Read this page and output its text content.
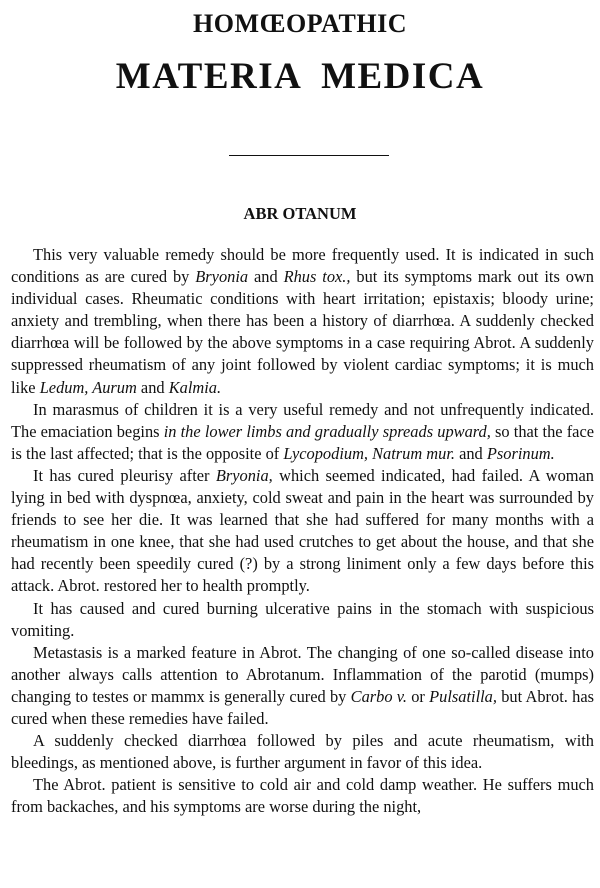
HOMŒOPATHIC
MATERIA MEDICA
ABR OTANUM

This very valuable remedy should be more frequently used. It is indicated in such conditions as are cured by Bryonia and Rhus tox., but its symptoms mark out its own individual cases. Rheumatic conditions with heart irritation; epistaxis; bloody urine; anxiety and trembling, when there has been a history of diarrhœa. A suddenly checked diarrhœa will be followed by the above symptoms in a case requiring Abrot. A suddenly suppressed rheumatism of any joint followed by violent cardiac symptoms; it is much like Ledum, Aurum and Kalmia.

In marasmus of children it is a very useful remedy and not unfrequently indicated. The emaciation begins in the lower limbs and gradually spreads upward, so that the face is the last affected; that is the opposite of Lycopodium, Natrum mur. and Psorinum.

It has cured pleurisy after Bryonia, which seemed indicated, had failed. A woman lying in bed with dyspnœa, anxiety, cold sweat and pain in the heart was surrounded by friends to see her die. It was learned that she had suffered for many months with a rheumatism in one knee, that she had used crutches to get about the house, and that she had recently been speedily cured (?) by a strong liniment only a few days before this attack. Abrot. restored her to health promptly.

It has caused and cured burning ulcerative pains in the stomach with suspicious vomiting.

Metastasis is a marked feature in Abrot. The changing of one so-called disease into another always calls attention to Abrotanum. Inflammation of the parotid (mumps) changing to testes or mammx is generally cured by Carbo v. or Pulsatilla, but Abrot. has cured when these remedies have failed.

A suddenly checked diarrhœa followed by piles and acute rheumatism, with bleedings, as mentioned above, is further argument in favor of this idea.

The Abrot. patient is sensitive to cold air and cold damp weather. He suffers much from backaches, and his symptoms are worse during the night,
